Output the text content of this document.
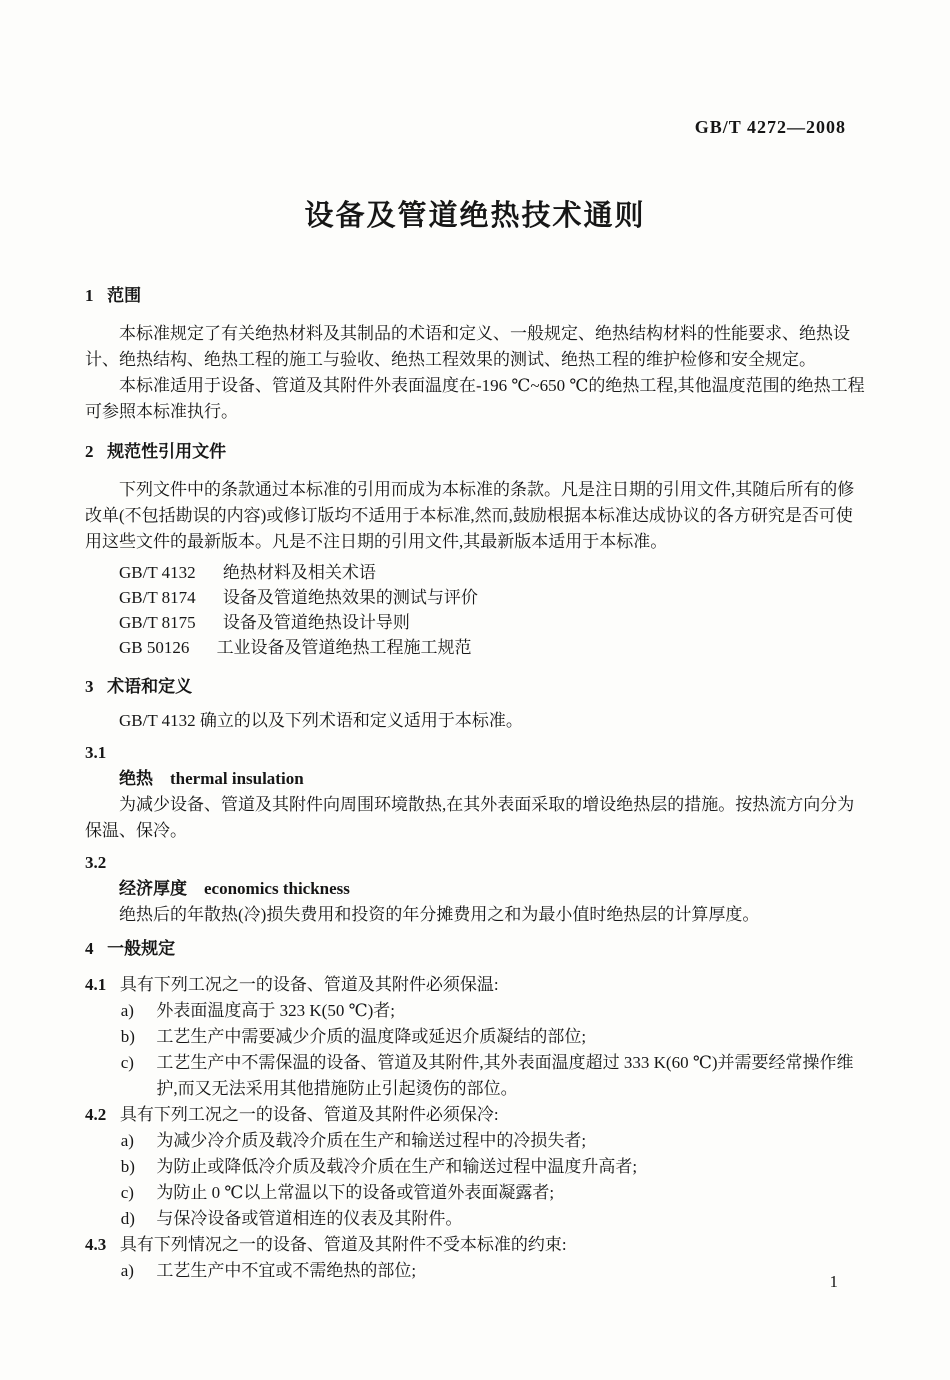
GB/T 4272—2008
设备及管道绝热技术通则
1 范围

本标准规定了有关绝热材料及其制品的术语和定义、一般规定、绝热结构材料的性能要求、绝热设计、绝热结构、绝热工程的施工与验收、绝热工程效果的测试、绝热工程的维护检修和安全规定。

本标准适用于设备、管道及其附件外表面温度在-196 ℃~650 ℃的绝热工程,其他温度范围的绝热工程可参照本标准执行。

2 规范性引用文件

下列文件中的条款通过本标准的引用而成为本标准的条款。凡是注日期的引用文件,其随后所有的修改单(不包括勘误的内容)或修订版均不适用于本标准,然而,鼓励根据本标准达成协议的各方研究是否可使用这些文件的最新版本。凡是不注日期的引用文件,其最新版本适用于本标准。

GB/T 4132 绝热材料及相关术语
GB/T 8174 设备及管道绝热效果的测试与评价
GB/T 8175 设备及管道绝热设计导则
GB 50126 工业设备及管道绝热工程施工规范
3 术语和定义

GB/T 4132 确立的以及下列术语和定义适用于本标准。

3.1
绝热 thermal insulation

为减少设备、管道及其附件向周围环境散热,在其外表面采取的增设绝热层的措施。按热流方向分为保温、保冷。

3.2
经济厚度 economics thickness

绝热后的年散热(冷)损失费用和投资的年分摊费用之和为最小值时绝热层的计算厚度。

4 一般规定
4.1 具有下列工况之一的设备、管道及其附件必须保温:
a) 外表面温度高于 323 K(50 ℃)者;
b) 工艺生产中需要减少介质的温度降或延迟介质凝结的部位;
c) 工艺生产中不需保温的设备、管道及其附件,其外表面温度超过 333 K(60 ℃)并需要经常操作维护,而又无法采用其他措施防止引起烫伤的部位。
4.2 具有下列工况之一的设备、管道及其附件必须保冷:
a) 为减少冷介质及载冷介质在生产和输送过程中的冷损失者;
b) 为防止或降低冷介质及载冷介质在生产和输送过程中温度升高者;
c) 为防止 0 ℃以上常温以下的设备或管道外表面凝露者;
d) 与保冷设备或管道相连的仪表及其附件。
4.3 具有下列情况之一的设备、管道及其附件不受本标准的约束:
a) 工艺生产中不宜或不需绝热的部位;
1
